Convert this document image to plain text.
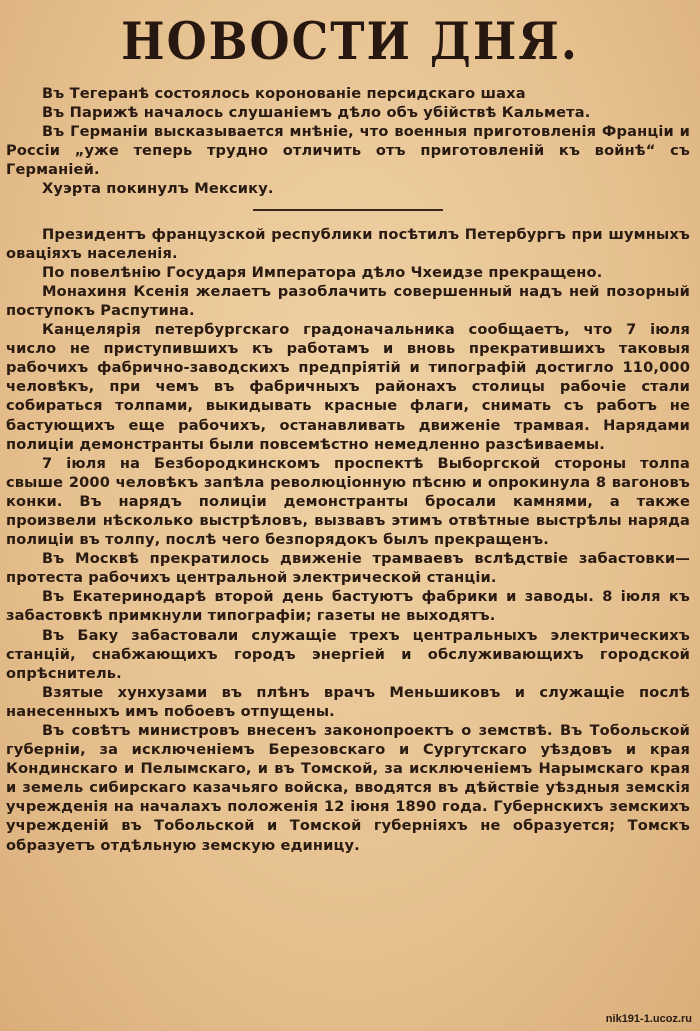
НОВОСТИ ДНЯ.

Въ Тегеранѣ состоялось коронованіе персидскаго шаха

Въ Парижѣ началось слушаніемъ дѣло объ убійствѣ Кальмета.

Въ Германіи высказывается мнѣніе, что военныя приготовленія Франціи и Россіи „уже теперь трудно отличить отъ приготовленій къ войнѣ“ съ Германіей.

Хуэрта покинулъ Мексику.

Президентъ французской республики посѣтилъ Петербургъ при шумныхъ оваціяхъ населенія.

По повелѣнію Государя Императора дѣло Чхеидзе прекращено.

Монахиня Ксенія желаетъ разоблачить совершенный надъ ней позорный поступокъ Распутина.

Канцелярія петербургскаго градоначальника сообщаетъ, что 7 іюля число не приступившихъ къ работамъ и вновь прекратившихъ таковыя рабочихъ фабрично-заводскихъ предпріятій и типографій достигло 110,000 человѣкъ, при чемъ въ фабричныхъ районахъ столицы рабочіе стали собираться толпами, выкидывать красные флаги, снимать съ работъ не бастующихъ еще рабочихъ, останавливать движеніе трамвая. Нарядами полиціи демонстранты были повсемѣстно немедленно разсѣиваемы.

7 іюля на Безбородкинскомъ проспектѣ Выборгской стороны толпа свыше 2000 человѣкъ запѣла революціонную пѣсню и опрокинула 8 вагоновъ конки. Въ нарядъ полиціи демонстранты бросали камнями, а также произвели нѣсколько выстрѣловъ, вызвавъ этимъ отвѣтные выстрѣлы наряда полиціи въ толпу, послѣ чего безпорядокъ былъ прекращенъ.

Въ Москвѣ прекратилось движеніе трамваевъ вслѣдствіе забастовки—протеста рабочихъ центральной электрической станціи.

Въ Екатеринодарѣ второй день бастуютъ фабрики и заводы. 8 іюля къ забастовкѣ примкнули типографіи; газеты не выходятъ.

Въ Баку забастовали служащіе трехъ центральныхъ электрическихъ станцій, снабжающихъ городъ энергіей и обслуживающихъ городской опрѣснитель.

Взятые хунхузами въ плѣнъ врачъ Меньшиковъ и служащіе послѣ нанесенныхъ имъ побоевъ отпущены.

Въ совѣтъ министровъ внесенъ законопроектъ о земствѣ. Въ Тобольской губерніи, за исключеніемъ Березовскаго и Сургутскаго уѣздовъ и края Кондинскаго и Пелымскаго, и въ Томской, за исключеніемъ Нарымскаго края и земель сибирскаго казачьяго войска, вводятся въ дѣйствіе уѣздныя земскія учрежденія на началахъ положенія 12 іюня 1890 года. Губернскихъ земскихъ учрежденій въ Тобольской и Томской губерніяхъ не образуется; Томскъ образуетъ отдѣльную земскую единицу.

nik191-1.ucoz.ru
